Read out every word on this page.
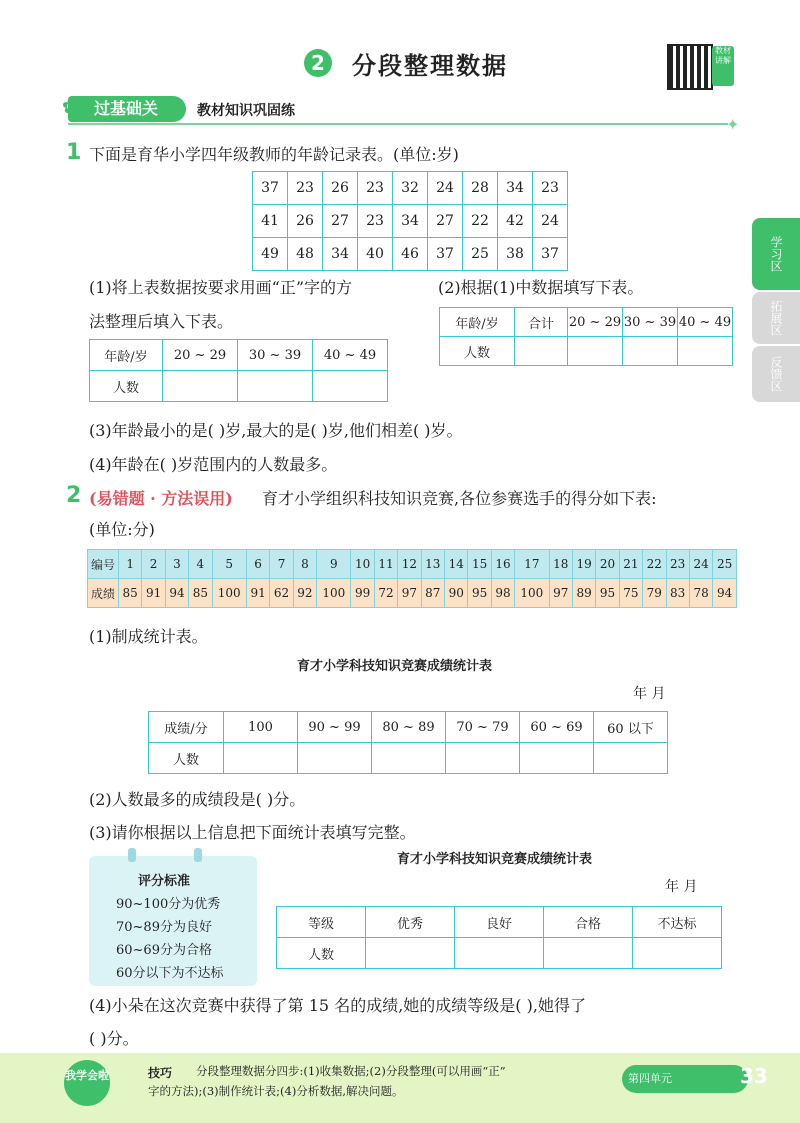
2 分段整理数据
教材讲解
过基础关
✿	教材知识巩固练
✦
学习区
拓展区
反馈区
1 下面是育华小学四年级教师的年龄记录表。(单位:岁)
37	23	26	23	32	24	28	34	23
41	26	27	23	34	27	22	42	24
49	48	34	40	46	37	25	38	37
(1)将上表数据按要求用画“正”字的方
法整理后填入下表。
(2)根据(1)中数据填写下表。
年龄/岁	20 ~ 29	30 ~ 39	40 ~ 49
人数			
年龄/岁	合计	20 ~ 29	30 ~ 39	40 ~ 49
人数				
(3)年龄最小的是( )岁,最大的是( )岁,他们相差( )岁。
(4)年龄在( )岁范围内的人数最多。
2 (易错题 · 方法误用) 育才小学组织科技知识竞赛,各位参赛选手的得分如下表:
(单位:分)
编号	1	2	3	4	5	6	7	8	9	10	11	12	13	14	15	16	17	18	19	20	21	22	23	24	25
成绩	85	91	94	85	100	91	62	92	100	99	72	97	87	90	95	98	100	97	89	95	75	79	83	78	94
(1)制成统计表。
育才小学科技知识竞赛成绩统计表
年 月
成绩/分	100	90 ~ 99	80 ~ 89	70 ~ 79	60 ~ 69	60 以下
人数						
(2)人数最多的成绩段是( )分。
(3)请你根据以上信息把下面统计表填写完整。
评分标准
90~100分为优秀
70~89分为良好
60~69分为合格
60分以下为不达标
育才小学科技知识竞赛成绩统计表
年 月
等级	优秀	良好	合格	不达标
人数				
(4)小朵在这次竞赛中获得了第 15 名的成绩,她的成绩等级是( ),她得了
( )分。
我学会啦	技巧 分段整理数据分四步:(1)收集数据;(2)分段整理(可以用画“正”
字的方法);(3)制作统计表;(4)分析数据,解决问题。
第四单元	33
